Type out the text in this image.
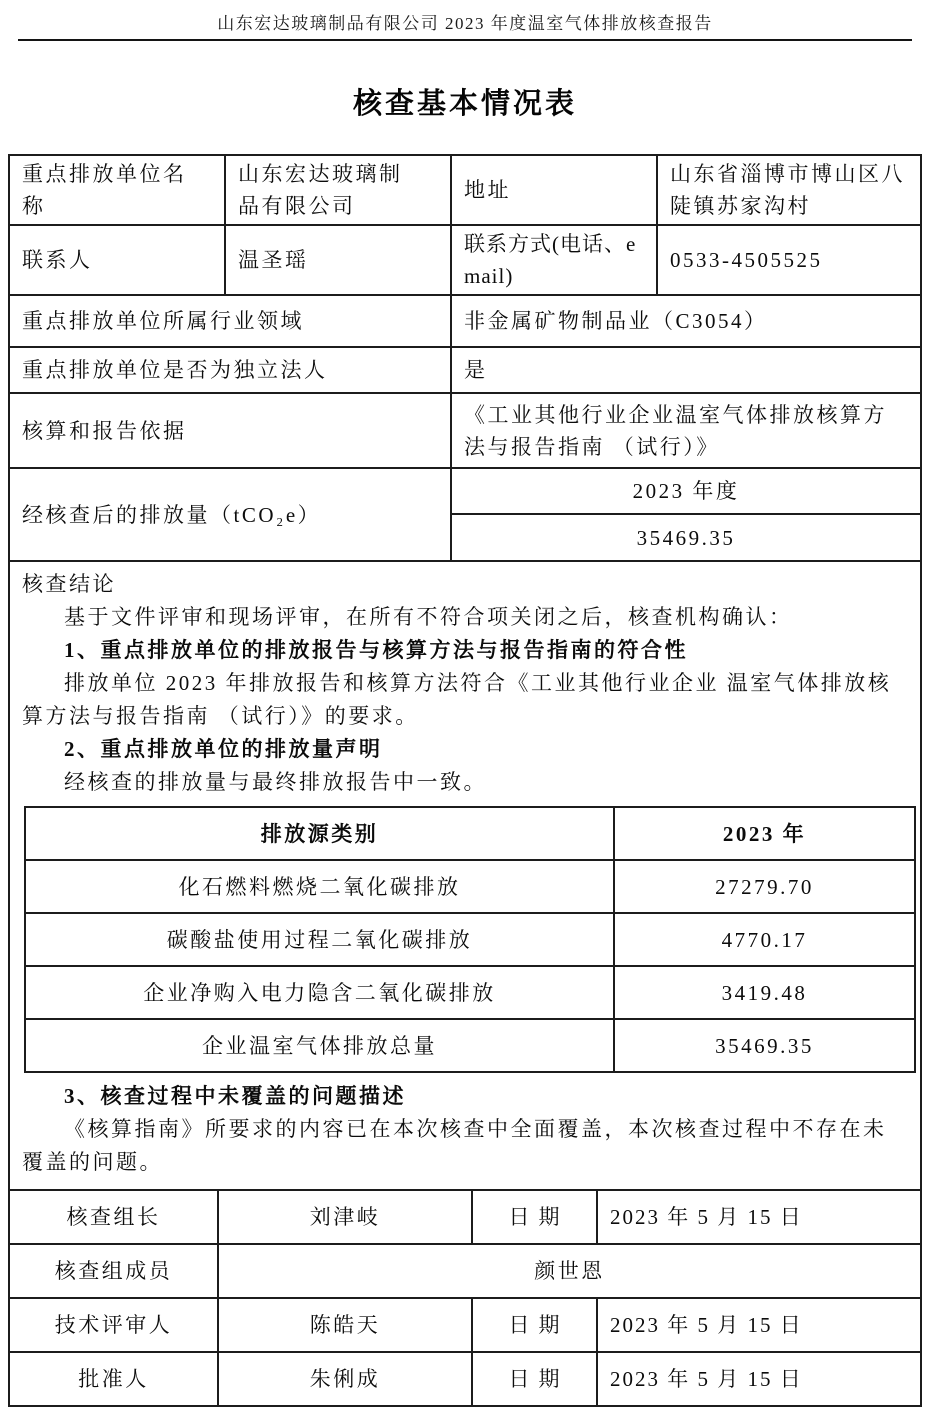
山东宏达玻璃制品有限公司 2023 年度温室气体排放核查报告
核查基本情况表
重点排放单位名称	山东宏达玻璃制品有限公司	地址	山东省淄博市博山区八陡镇苏家沟村
联系人	温圣瑶	联系方式(电话、email)	0533-4505525
重点排放单位所属行业领域		非金属矿物制品业（C3054）	
重点排放单位是否为独立法人		是	
核算和报告依据		《工业其他行业企业温室气体排放核算方法与报告指南 （试行）》	
经核查后的排放量（tCO₂e）		2023 年度	
		35469.35	

核查结论

基于文件评审和现场评审，在所有不符合项关闭之后，核查机构确认：

1、重点排放单位的排放报告与核算方法与报告指南的符合性

排放单位 2023 年排放报告和核算方法符合《工业其他行业企业 温室气体排放核算方法与报告指南 （试行）》的要求。

2、重点排放单位的排放量声明

经核查的排放量与最终排放报告中一致。

排放源类别	2023 年
化石燃料燃烧二氧化碳排放	27279.70
碳酸盐使用过程二氧化碳排放	4770.17
企业净购入电力隐含二氧化碳排放	3419.48
企业温室气体排放总量	35469.35

3、核查过程中未覆盖的问题描述

《核算指南》所要求的内容已在本次核查中全面覆盖，本次核查过程中不存在未覆盖的问题。

核查组长	刘津岐	日期	2023 年 5 月 15 日
核查组成员	颜世恩		
技术评审人	陈皓天	日期	2023 年 5 月 15 日
批准人	朱俐成	日期	2023 年 5 月 15 日
